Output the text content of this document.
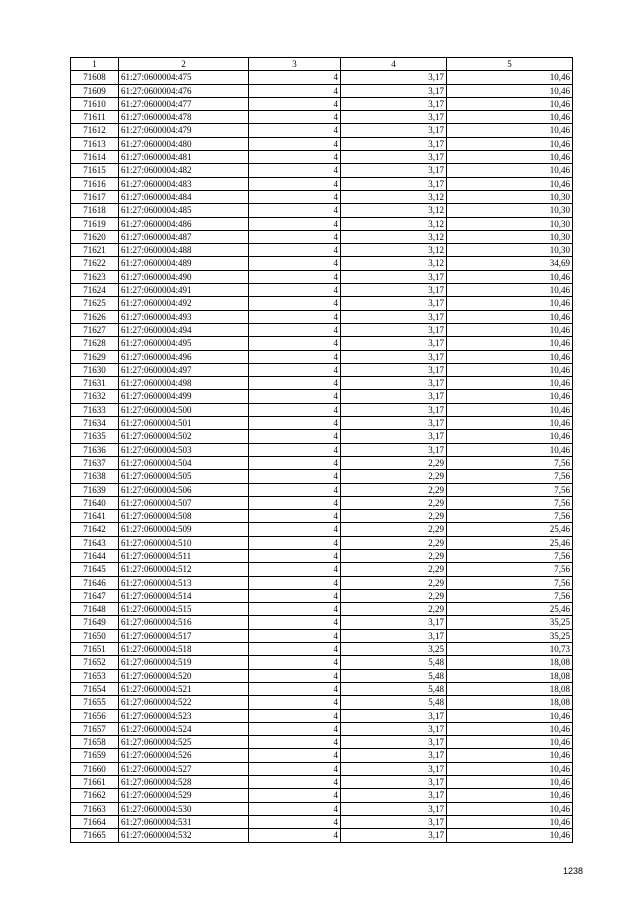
1	2	3	4	5
71608	61:27:0600004:475	4	3,17	10,46
71609	61:27:0600004:476	4	3,17	10,46
71610	61:27:0600004:477	4	3,17	10,46
71611	61:27:0600004:478	4	3,17	10,46
71612	61:27:0600004:479	4	3,17	10,46
71613	61:27:0600004:480	4	3,17	10,46
71614	61:27:0600004:481	4	3,17	10,46
71615	61:27:0600004:482	4	3,17	10,46
71616	61:27:0600004:483	4	3,17	10,46
71617	61:27:0600004:484	4	3,12	10,30
71618	61:27:0600004:485	4	3,12	10,30
71619	61:27:0600004:486	4	3,12	10,30
71620	61:27:0600004:487	4	3,12	10,30
71621	61:27:0600004:488	4	3,12	10,30
71622	61:27:0600004:489	4	3,12	34,69
71623	61:27:0600004:490	4	3,17	10,46
71624	61:27:0600004:491	4	3,17	10,46
71625	61:27:0600004:492	4	3,17	10,46
71626	61:27:0600004:493	4	3,17	10,46
71627	61:27:0600004:494	4	3,17	10,46
71628	61:27:0600004:495	4	3,17	10,46
71629	61:27:0600004:496	4	3,17	10,46
71630	61:27:0600004:497	4	3,17	10,46
71631	61:27:0600004:498	4	3,17	10,46
71632	61:27:0600004:499	4	3,17	10,46
71633	61:27:0600004:500	4	3,17	10,46
71634	61:27:0600004:501	4	3,17	10,46
71635	61:27:0600004:502	4	3,17	10,46
71636	61:27:0600004:503	4	3,17	10,46
71637	61:27:0600004:504	4	2,29	7,56
71638	61:27:0600004:505	4	2,29	7,56
71639	61:27:0600004:506	4	2,29	7,56
71640	61:27:0600004:507	4	2,29	7,56
71641	61:27:0600004:508	4	2,29	7,56
71642	61:27:0600004:509	4	2,29	25,46
71643	61:27:0600004:510	4	2,29	25,46
71644	61:27:0600004:511	4	2,29	7,56
71645	61:27:0600004:512	4	2,29	7,56
71646	61:27:0600004:513	4	2,29	7,56
71647	61:27:0600004:514	4	2,29	7,56
71648	61:27:0600004:515	4	2,29	25,46
71649	61:27:0600004:516	4	3,17	35,25
71650	61:27:0600004:517	4	3,17	35,25
71651	61:27:0600004:518	4	3,25	10,73
71652	61:27:0600004:519	4	5,48	18,08
71653	61:27:0600004:520	4	5,48	18,08
71654	61:27:0600004:521	4	5,48	18,08
71655	61:27:0600004:522	4	5,48	18,08
71656	61:27:0600004:523	4	3,17	10,46
71657	61:27:0600004:524	4	3,17	10,46
71658	61:27:0600004:525	4	3,17	10,46
71659	61:27:0600004:526	4	3,17	10,46
71660	61:27:0600004:527	4	3,17	10,46
71661	61:27:0600004:528	4	3,17	10,46
71662	61:27:0600004:529	4	3,17	10,46
71663	61:27:0600004:530	4	3,17	10,46
71664	61:27:0600004:531	4	3,17	10,46
71665	61:27:0600004:532	4	3,17	10,46
1238
